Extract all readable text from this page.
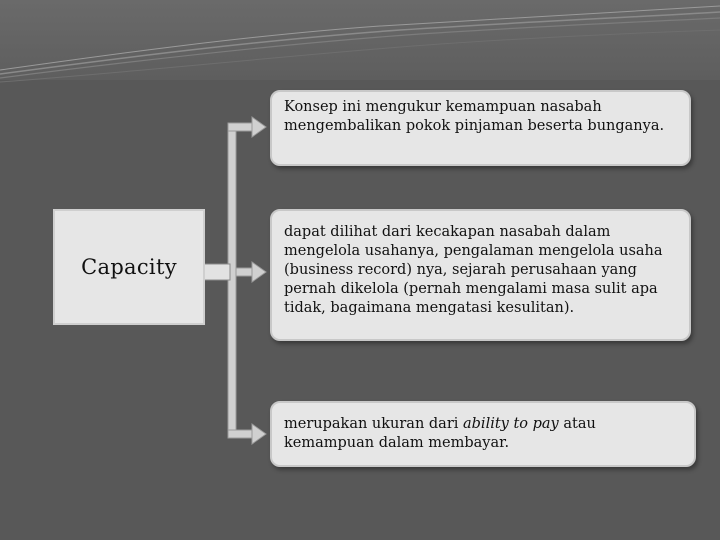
Capacity
Konsep ini mengukur kemampuan nasabah mengembalikan pokok pinjaman beserta bunganya.
dapat dilihat dari kecakapan nasabah dalam mengelola usahanya, pengalaman mengelola usaha (business record) nya, sejarah perusahaan yang pernah dikelola (pernah mengalami masa sulit apa tidak, bagaimana mengatasi kesulitan).
merupakan ukuran dari ability to pay atau kemampuan dalam membayar.
